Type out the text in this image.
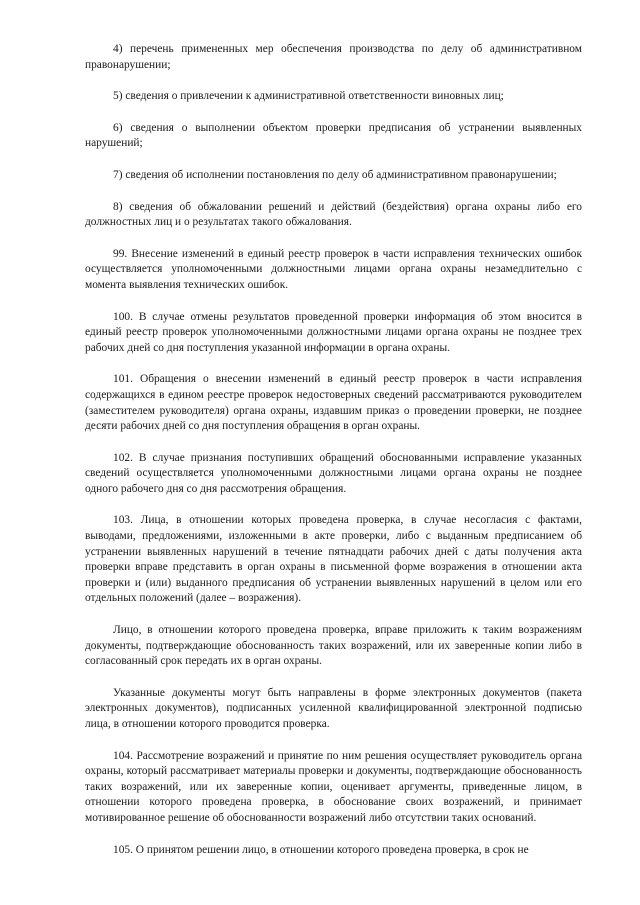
4) перечень примененных мер обеспечения производства по делу об административном правонарушении;

5) сведения о привлечении к административной ответственности виновных лиц;

6) сведения о выполнении объектом проверки предписания об устранении выявленных нарушений;

7) сведения об исполнении постановления по делу об административном правонарушении;

8) сведения об обжаловании решений и действий (бездействия) органа охраны либо его должностных лиц и о результатах такого обжалования.

99. Внесение изменений в единый реестр проверок в части исправления технических ошибок осуществляется уполномоченными должностными лицами органа охраны незамедлительно с момента выявления технических ошибок.

100. В случае отмены результатов проведенной проверки информация об этом вносится в единый реестр проверок уполномоченными должностными лицами органа охраны не позднее трех рабочих дней со дня поступления указанной информации в органа охраны.

101. Обращения о внесении изменений в единый реестр проверок в части исправления содержащихся в едином реестре проверок недостоверных сведений рассматриваются руководителем (заместителем руководителя) органа охраны, издавшим приказ о проведении проверки, не позднее десяти рабочих дней со дня поступления обращения в орган охраны.

102. В случае признания поступивших обращений обоснованными исправление указанных сведений осуществляется уполномоченными должностными лицами органа охраны не позднее одного рабочего дня со дня рассмотрения обращения.

103. Лица, в отношении которых проведена проверка, в случае несогласия с фактами, выводами, предложениями, изложенными в акте проверки, либо с выданным предписанием об устранении выявленных нарушений в течение пятнадцати рабочих дней с даты получения акта проверки вправе представить в орган охраны в письменной форме возражения в отношении акта проверки и (или) выданного предписания об устранении выявленных нарушений в целом или его отдельных положений (далее – возражения).

Лицо, в отношении которого проведена проверка, вправе приложить к таким возражениям документы, подтверждающие обоснованность таких возражений, или их заверенные копии либо в согласованный срок передать их в орган охраны.

Указанные документы могут быть направлены в форме электронных документов (пакета электронных документов), подписанных усиленной квалифицированной электронной подписью лица, в отношении которого проводится проверка.

104. Рассмотрение возражений и принятие по ним решения осуществляет руководитель органа охраны, который рассматривает материалы проверки и документы, подтверждающие обоснованность таких возражений, или их заверенные копии, оценивает аргументы, приведенные лицом, в отношении которого проведена проверка, в обоснование своих возражений, и принимает мотивированное решение об обоснованности возражений либо отсутствии таких оснований.

105. О принятом решении лицо, в отношении которого проведена проверка, в срок не
